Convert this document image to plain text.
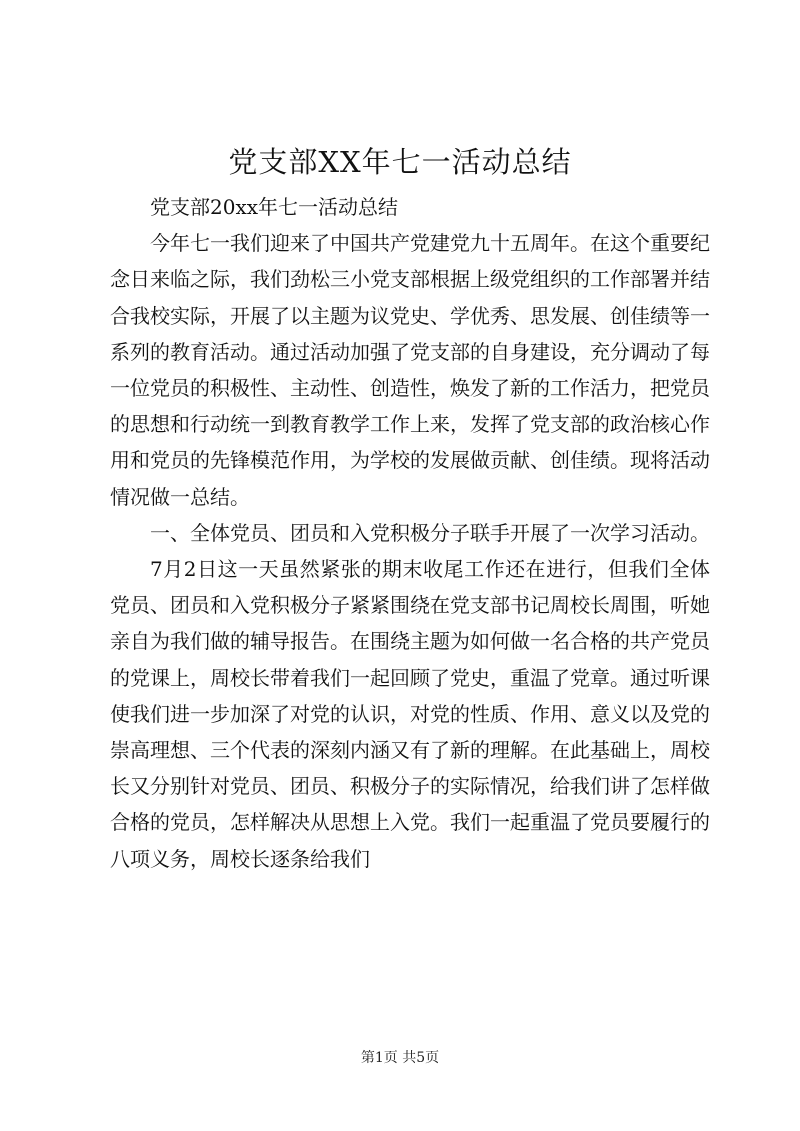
党支部XX年七一活动总结

党支部20xx年七一活动总结

今年七一我们迎来了中国共产党建党九十五周年。在这个重要纪念日来临之际，我们劲松三小党支部根据上级党组织的工作部署并结合我校实际，开展了以主题为议党史、学优秀、思发展、创佳绩等一系列的教育活动。通过活动加强了党支部的自身建设，充分调动了每一位党员的积极性、主动性、创造性，焕发了新的工作活力，把党员的思想和行动统一到教育教学工作上来，发挥了党支部的政治核心作用和党员的先锋模范作用，为学校的发展做贡献、创佳绩。现将活动情况做一总结。

一、全体党员、团员和入党积极分子联手开展了一次学习活动。

7月2日这一天虽然紧张的期末收尾工作还在进行，但我们全体党员、团员和入党积极分子紧紧围绕在党支部书记周校长周围，听她亲自为我们做的辅导报告。在围绕主题为如何做一名合格的共产党员的党课上，周校长带着我们一起回顾了党史，重温了党章。通过听课使我们进一步加深了对党的认识，对党的性质、作用、意义以及党的崇高理想、三个代表的深刻内涵又有了新的理解。在此基础上，周校长又分别针对党员、团员、积极分子的实际情况，给我们讲了怎样做合格的党员，怎样解决从思想上入党。我们一起重温了党员要履行的八项义务，周校长逐条给我们

第1页 共5页
